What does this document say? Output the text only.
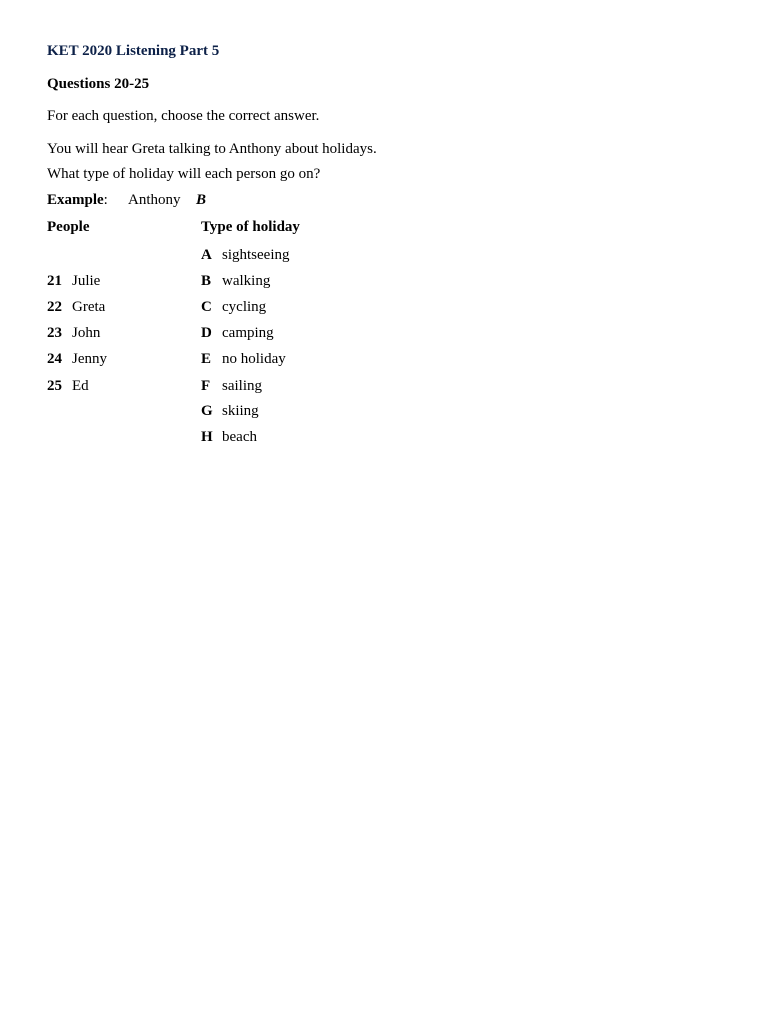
KET 2020 Listening Part 5
Questions 20-25
For each question, choose the correct answer.
You will hear Greta talking to Anthony about holidays.
What type of holiday will each person go on?
Example: Anthony B
People	Type of holiday
21 Julie
22 Greta
23 John
24 Jenny
25 Ed
A sightseeing
B walking
C cycling
D camping
E no holiday
F sailing
G skiing
H beach
